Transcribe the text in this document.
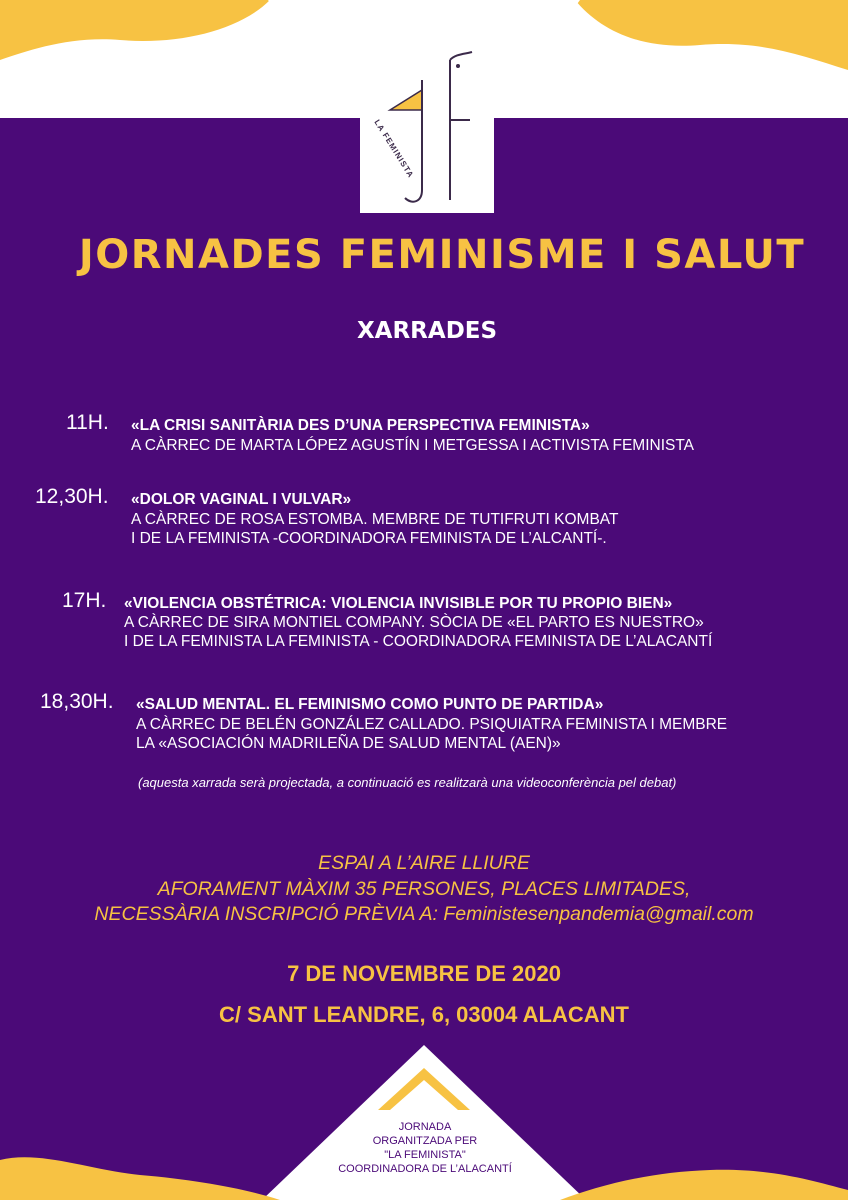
LA FEMINISTA
JORNADES FEMINISME I SALUT
XARRADES
11H. «LA CRISI SANITÀRIA DES D’UNA PERSPECTIVA FEMINISTA»
A CÀRREC DE MARTA LÓPEZ AGUSTÍN I METGESSA I ACTIVISTA FEMINISTA
12,30H. «DOLOR VAGINAL I VULVAR»
A CÀRREC DE ROSA ESTOMBA. MEMBRE DE TUTIFRUTI KOMBAT
I DE LA FEMINISTA -COORDINADORA FEMINISTA DE L’ALCANTÍ-.
17H. «VIOLENCIA OBSTÉTRICA: VIOLENCIA INVISIBLE POR TU PROPIO BIEN»
A CÀRREC DE SIRA MONTIEL COMPANY. SÒCIA DE «EL PARTO ES NUESTRO»
I DE LA FEMINISTA LA FEMINISTA - COORDINADORA FEMINISTA DE L’ALACANTÍ
18,30H. «SALUD MENTAL. EL FEMINISMO COMO PUNTO DE PARTIDA»
A CÀRREC DE BELÉN GONZÁLEZ CALLADO. PSIQUIATRA FEMINISTA I MEMBRE
LA «ASOCIACIÓN MADRILEÑA DE SALUD MENTAL (AEN)»
(aquesta xarrada serà projectada, a continuació es realitzarà una videoconferència pel debat)
ESPAI A L’AIRE LLIURE
AFORAMENT MÀXIM 35 PERSONES, PLACES LIMITADES,
NECESSÀRIA INSCRIPCIÓ PRÈVIA A: Feministesenpandemia@gmail.com
7 DE NOVEMBRE DE 2020
C/ SANT LEANDRE, 6, 03004 ALACANT
JORNADA
ORGANITZADA PER
"LA FEMINISTA"
COORDINADORA DE L’ALACANTÍ
